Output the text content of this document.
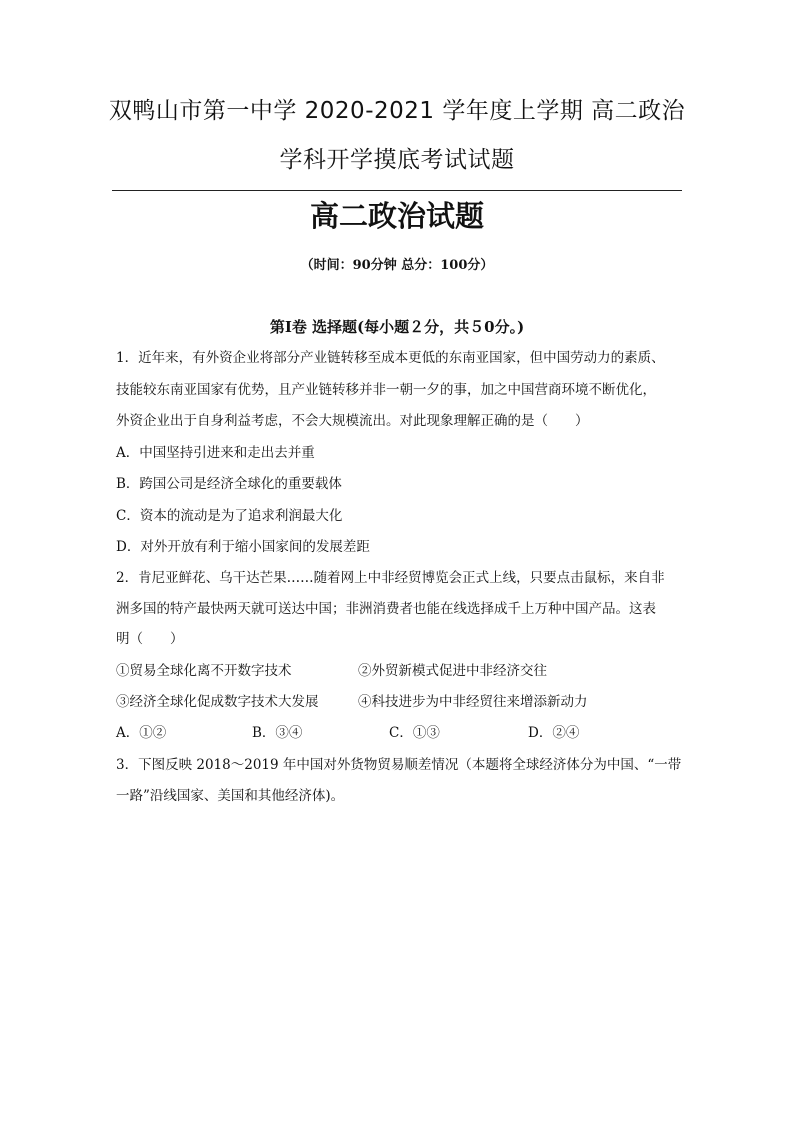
双鸭山市第一中学 2020-2021 学年度上学期 高二政治
学科开学摸底考试试题
高二政治试题
（时间：90分钟 总分：100分）
第Ⅰ卷 选择题(每小题２分，共５0分。)
1．近年来，有外资企业将部分产业链转移至成本更低的东南亚国家，但中国劳动力的素质、
技能较东南亚国家有优势，且产业链转移并非一朝一夕的事，加之中国营商环境不断优化，
外资企业出于自身利益考虑，不会大规模流出。对此现象理解正确的是（　　）
A．中国坚持引进来和走出去并重
B．跨国公司是经济全球化的重要载体
C．资本的流动是为了追求利润最大化
D．对外开放有利于缩小国家间的发展差距
2．肯尼亚鲜花、乌干达芒果……随着网上中非经贸博览会正式上线，只要点击鼠标，来自非
洲多国的特产最快两天就可送达中国；非洲消费者也能在线选择成千上万种中国产品。这表
明（　　）
①贸易全球化离不开数字技术	②外贸新模式促进中非经济交往
③经济全球化促成数字技术大发展	④科技进步为中非经贸往来增添新动力
A．①②	B．③④	C．①③	D．②④
3．下图反映 2018～2019 年中国对外货物贸易顺差情况（本题将全球经济体分为中国、“一带
一路”沿线国家、美国和其他经济体)。
